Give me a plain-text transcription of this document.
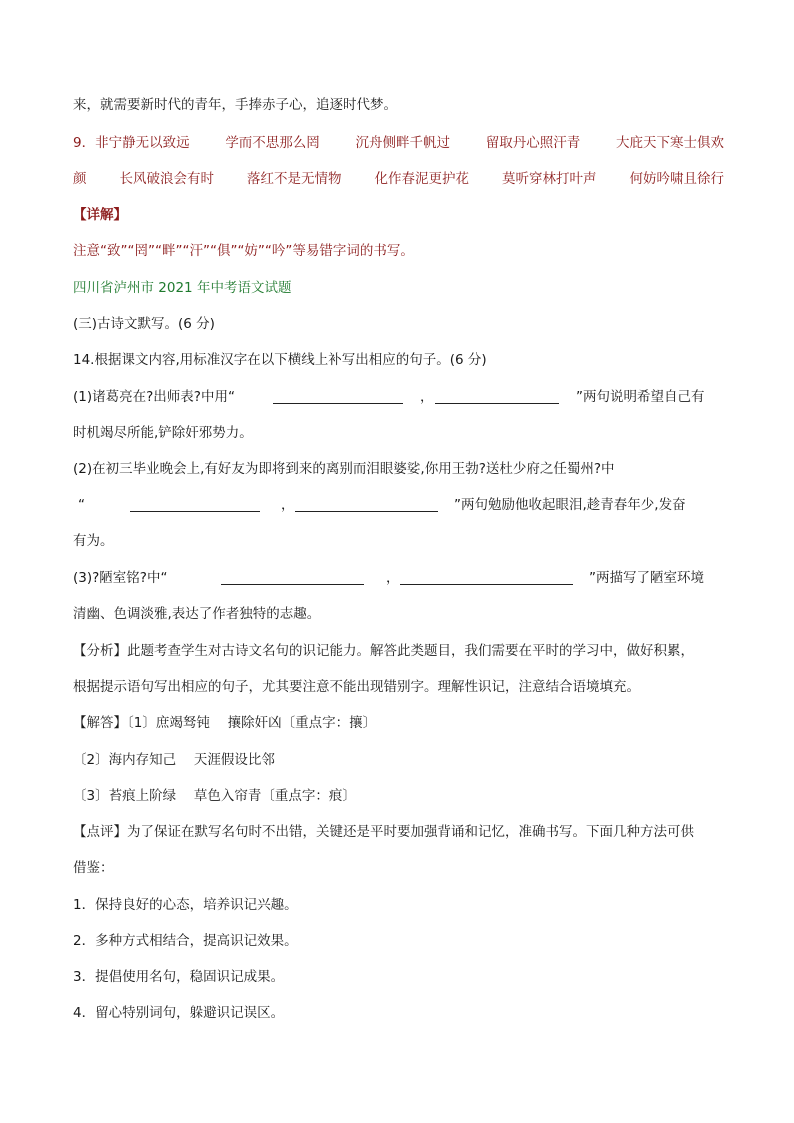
来，就需要新时代的青年，手捧赤子心，追逐时代梦。
9．非宁静无以致远	学而不思那么罔	沉舟侧畔千帆过	留取丹心照汗青	大庇天下寒士俱欢
颜 长风破浪会有时 落红不是无情物 化作春泥更护花 莫听穿林打叶声 何妨吟啸且徐行
【详解】
注意“致”“罔”“畔”“汗”“俱”“妨”“吟”等易错字词的书写。
四川省泸州市 2021 年中考语文试题
(三)古诗文默写。(6 分)
14.根据课文内容,用标准汉字在以下横线上补写出相应的句子。(6 分)
(1)诸葛亮在?出师表?中用“	，	”两句说明希望自己有
时机竭尽所能,铲除奸邪势力。
(2)在初三毕业晚会上,有好友为即将到来的离别而泪眼婆娑,你用王勃?送杜少府之任蜀州?中
“	，	”两句勉励他收起眼泪,趁青春年少,发奋
有为。
(3)?陋室铭?中“	，	”两描写了陋室环境
清幽、色调淡雅,表达了作者独特的志趣。
【分析】此题考查学生对古诗文名句的识记能力。解答此类题目，我们需要在平时的学习中，做好积累，
根据提示语句写出相应的句子，尤其要注意不能出现错别字。理解性识记，注意结合语境填充。
【解答】〔1〕庶竭驽钝　 攘除奸凶〔重点字：攘〕
〔2〕海内存知己　 天涯假设比邻
〔3〕苔痕上阶绿　 草色入帘青〔重点字：痕〕
【点评】为了保证在默写名句时不出错，关键还是平时要加强背诵和记忆，准确书写。下面几种方法可供
借鉴：
1．保持良好的心态，培养识记兴趣。
2．多种方式相结合，提高识记效果。
3．提倡使用名句，稳固识记成果。
4．留心特别词句，躲避识记误区。
